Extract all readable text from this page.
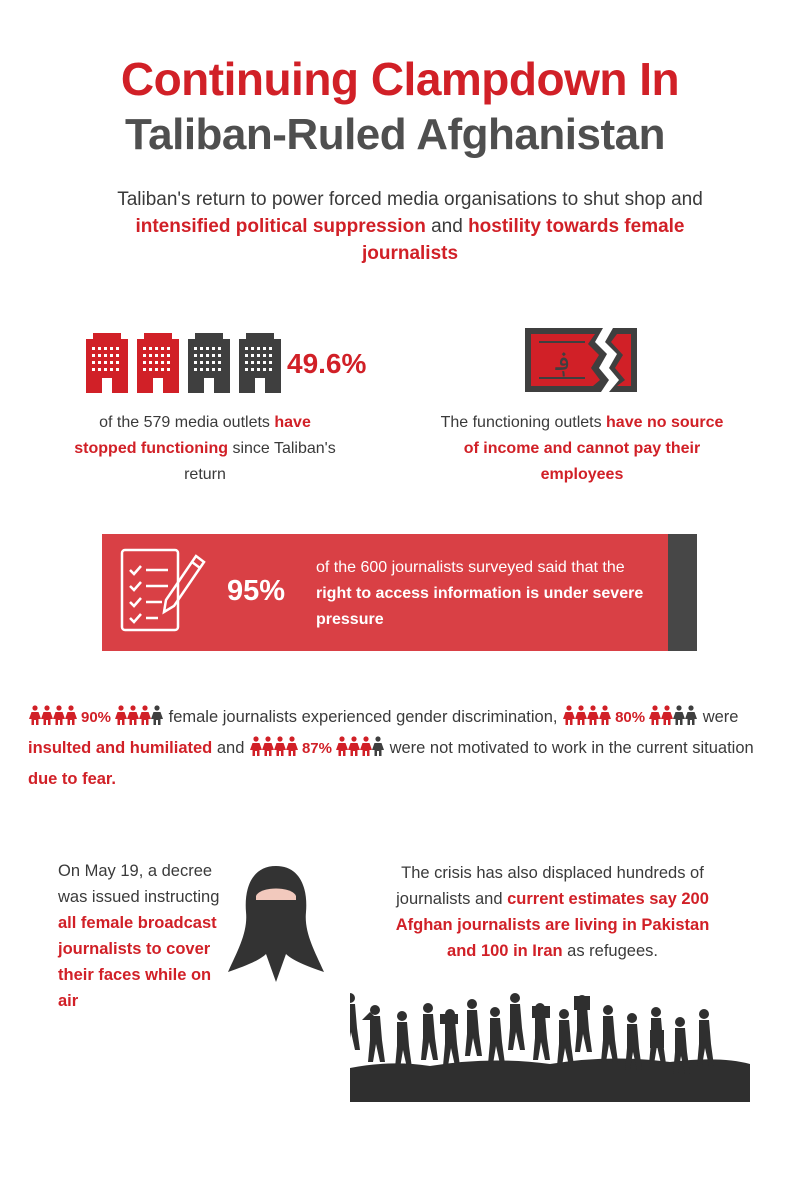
Continuing Clampdown In
Taliban-Ruled Afghanistan
Taliban's return to power forced media organisations to shut shop and intensified political suppression and hostility towards female journalists
49.6%
of the 579 media outlets have stopped functioning since Taliban's return
؋
The functioning outlets have no source of income and cannot pay their employees
95%
of the 600 journalists surveyed said that the right to access information is under severe pressure
90%	female journalists experienced gender discrimination,	80%	were insulted and humiliated and	87%	were not motivated to work in the current situation due to fear.
On May 19, a decree was issued instructing all female broadcast journalists to cover their faces while on air
The crisis has also displaced hundreds of journalists and current estimates say 200 Afghan journalists are living in Pakistan and 100 in Iran as refugees.
